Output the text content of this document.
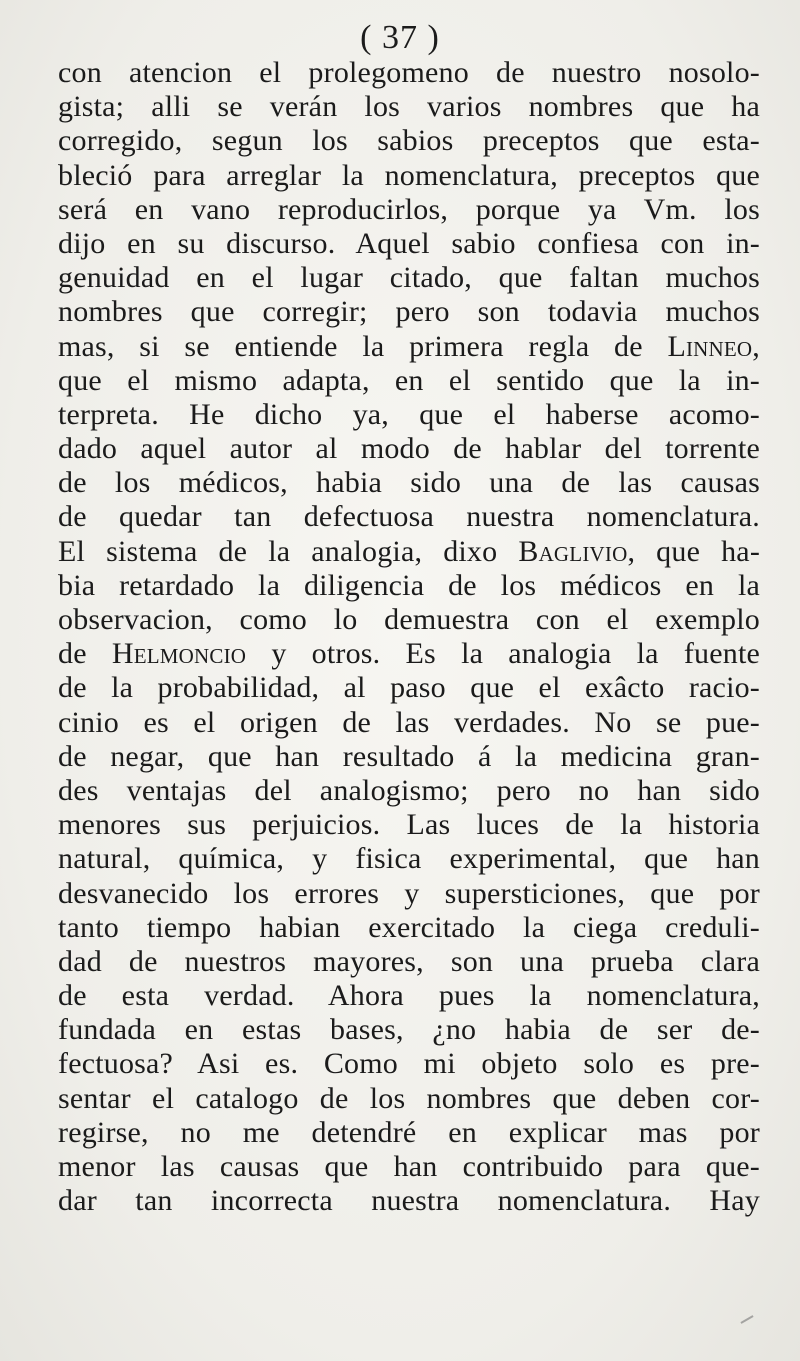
( 37 )
con atencion el prolegomeno de nuestro nosolo-
gista; alli se verán los varios nombres que ha
corregido, segun los sabios preceptos que esta-
bleció para arreglar la nomenclatura, preceptos que
será en vano reproducirlos, porque ya Vm. los
dijo en su discurso. Aquel sabio confiesa con in-
genuidad en el lugar citado, que faltan muchos
nombres que corregir; pero son todavia muchos
mas, si se entiende la primera regla de Linneo,
que el mismo adapta, en el sentido que la in-
terpreta. He dicho ya, que el haberse acomo-
dado aquel autor al modo de hablar del torrente
de los médicos, habia sido una de las causas
de quedar tan defectuosa nuestra nomenclatura.
El sistema de la analogia, dixo Baglivio, que ha-
bia retardado la diligencia de los médicos en la
observacion, como lo demuestra con el exemplo
de Helmoncio y otros. Es la analogia la fuente
de la probabilidad, al paso que el exâcto racio-
cinio es el origen de las verdades. No se pue-
de negar, que han resultado á la medicina gran-
des ventajas del analogismo; pero no han sido
menores sus perjuicios. Las luces de la historia
natural, química, y fisica experimental, que han
desvanecido los errores y supersticiones, que por
tanto tiempo habian exercitado la ciega creduli-
dad de nuestros mayores, son una prueba clara
de esta verdad. Ahora pues la nomenclatura,
fundada en estas bases, ¿no habia de ser de-
fectuosa? Asi es. Como mi objeto solo es pre-
sentar el catalogo de los nombres que deben cor-
regirse, no me detendré en explicar mas por
menor las causas que han contribuido para que-
dar tan incorrecta nuestra nomenclatura. Hay
